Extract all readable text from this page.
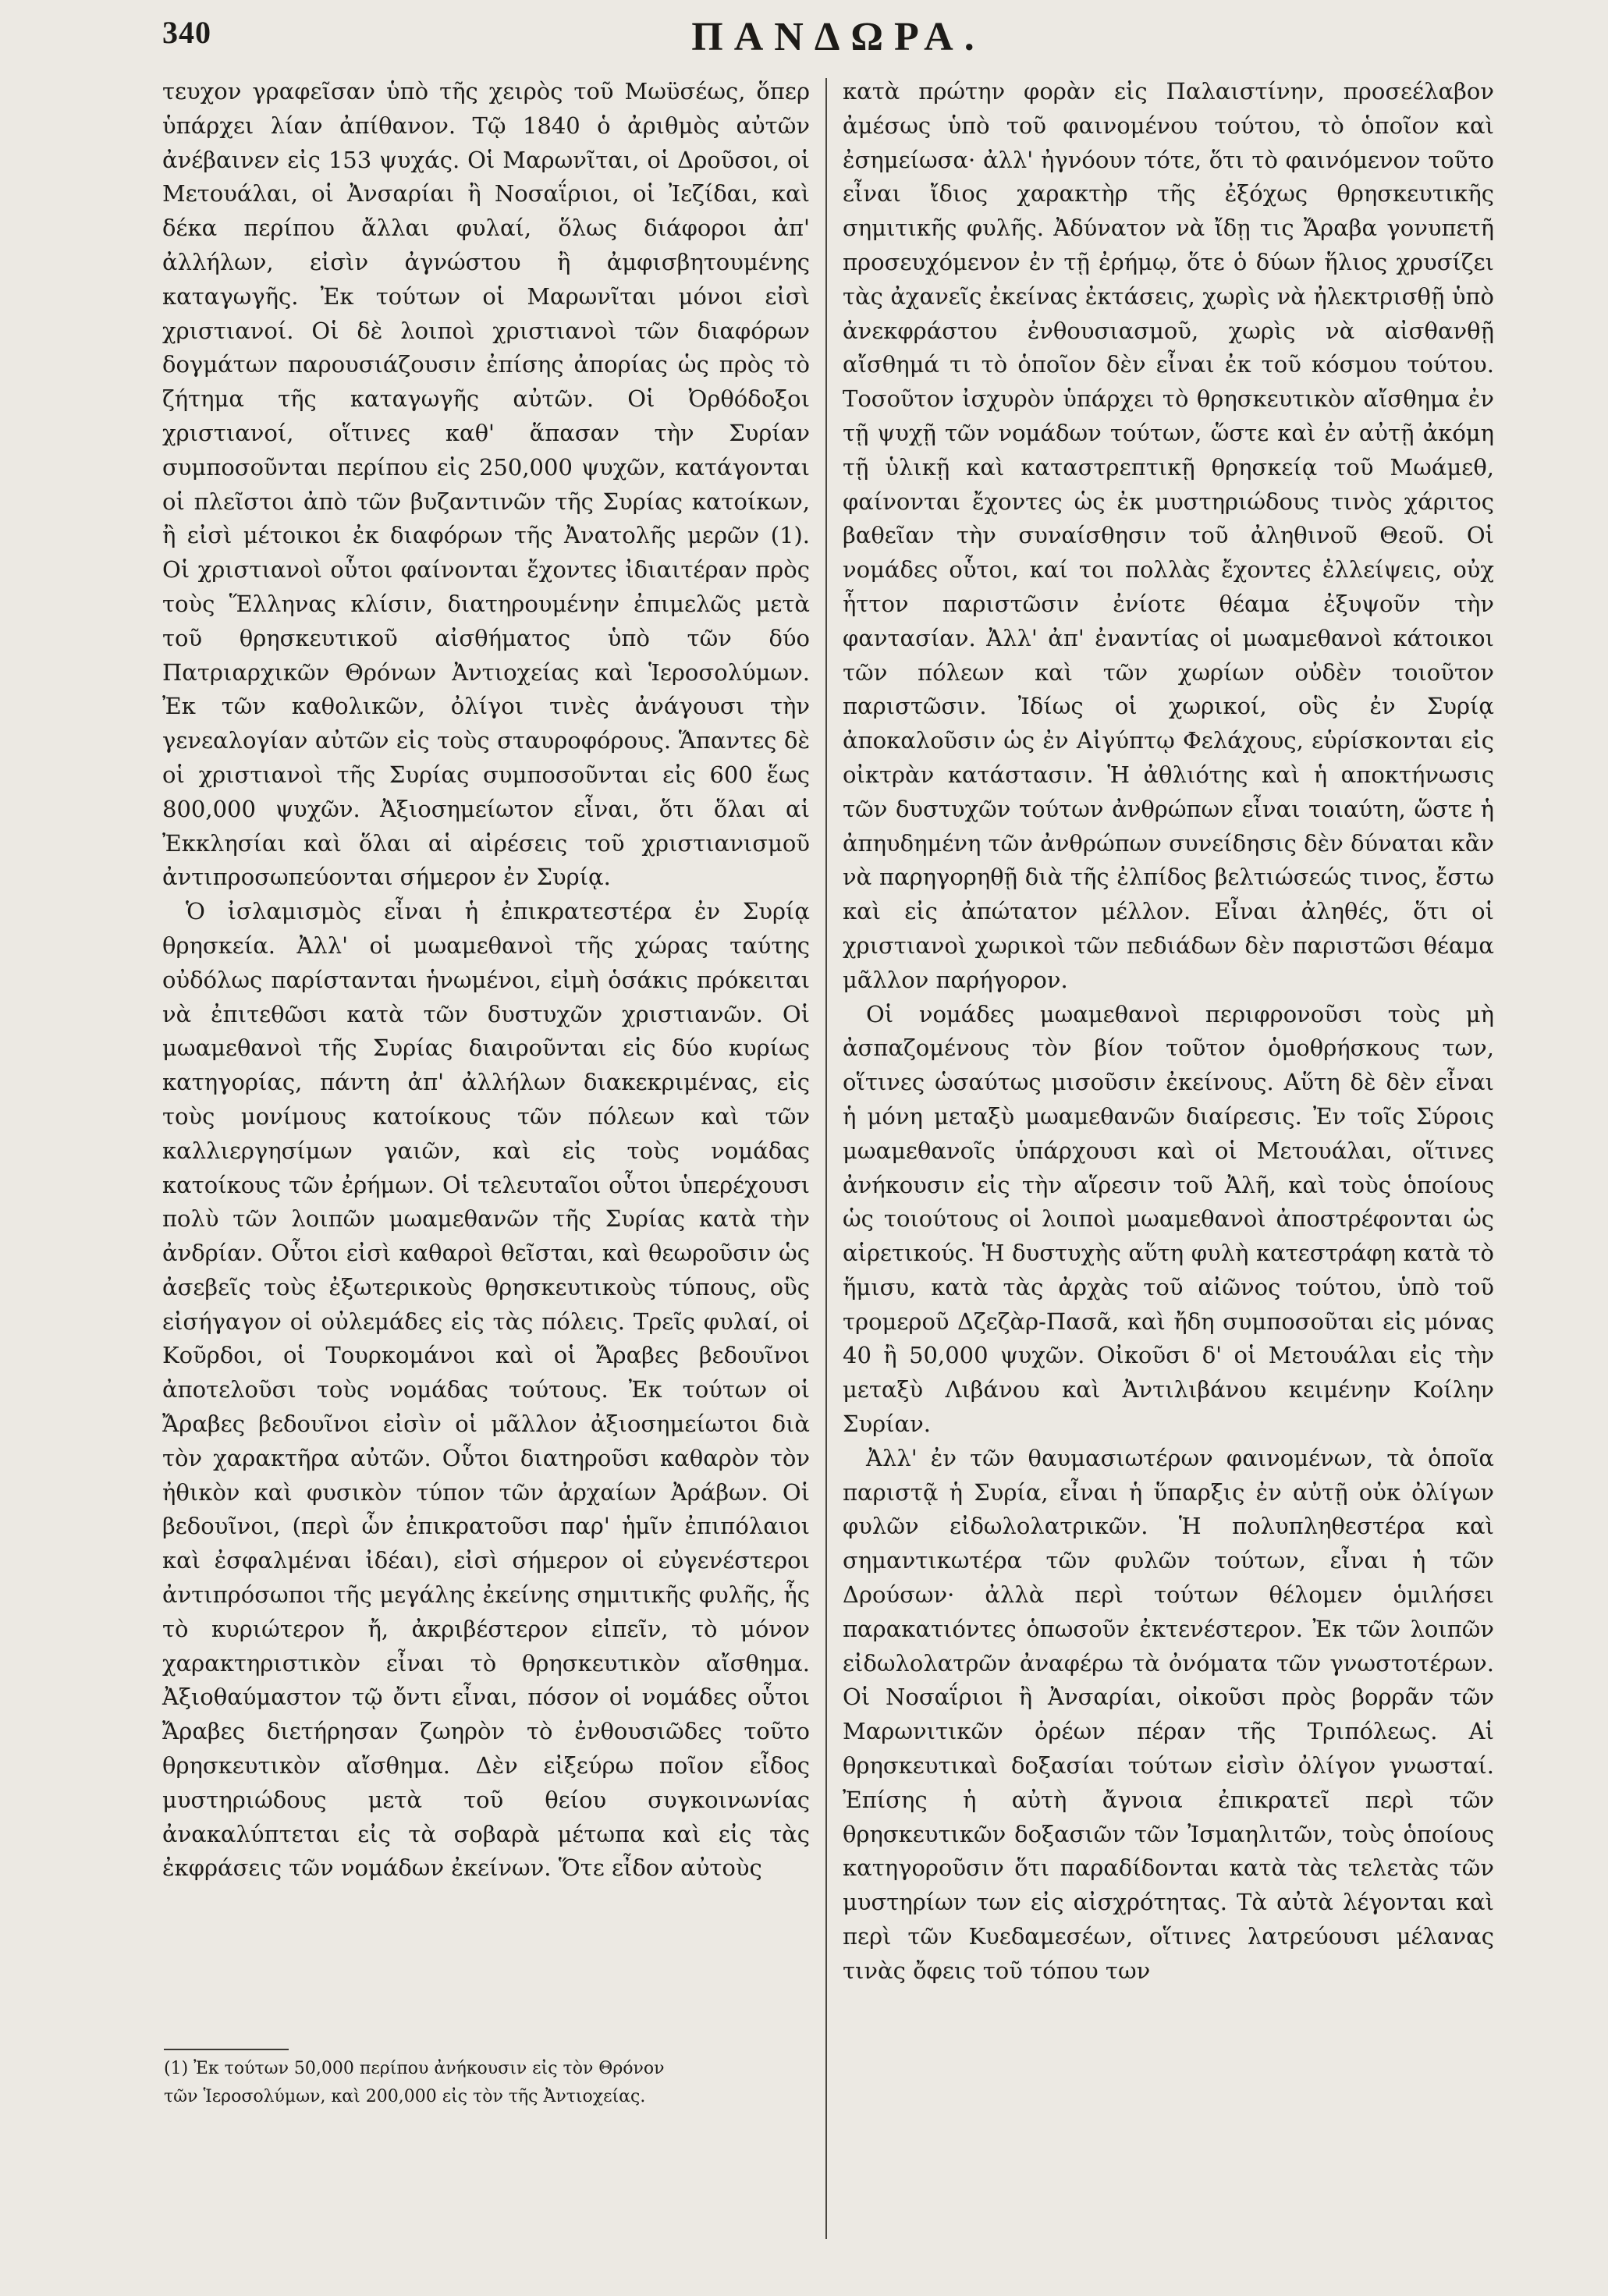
340	ΠΑΝΔΩΡΑ.

τευχον γραφεῖσαν ὑπὸ τῆς χειρὸς τοῦ Μωϋσέως, ὅπερ ὑπάρχει λίαν ἀπίθανον. Τῷ 1840 ὁ ἀριθμὸς αὐτῶν ἀνέβαινεν εἰς 153 ψυχάς. Οἱ Μαρωνῖται, οἱ Δροῦσοι, οἱ Μετουάλαι, οἱ Ἀνσαρίαι ἢ Νοσαΐριοι, οἱ Ἰεζίδαι, καὶ δέκα περίπου ἄλλαι φυλαί, ὅλως διάφοροι ἀπ' ἀλλήλων, εἰσὶν ἀγνώστου ἢ ἀμφισβητουμένης καταγωγῆς. Ἐκ τούτων οἱ Μαρωνῖται μόνοι εἰσὶ χριστιανοί. Οἱ δὲ λοιποὶ χριστιανοὶ τῶν διαφόρων δογμάτων παρουσιάζουσιν ἐπίσης ἀπορίας ὡς πρὸς τὸ ζήτημα τῆς καταγωγῆς αὐτῶν. Οἱ Ὀρθόδοξοι χριστιανοί, οἵτινες καθ' ἅπασαν τὴν Συρίαν συμποσοῦνται περίπου εἰς 250,000 ψυχῶν, κατάγονται οἱ πλεῖστοι ἀπὸ τῶν βυζαντινῶν τῆς Συρίας κατοίκων, ἢ εἰσὶ μέτοικοι ἐκ διαφόρων τῆς Ἀνατολῆς μερῶν (1). Οἱ χριστιανοὶ οὗτοι φαίνονται ἔχοντες ἰδιαιτέραν πρὸς τοὺς Ἕλληνας κλίσιν, διατηρουμένην ἐπιμελῶς μετὰ τοῦ θρησκευτικοῦ αἰσθήματος ὑπὸ τῶν δύο Πατριαρχικῶν Θρόνων Ἀντιοχείας καὶ Ἱεροσολύμων. Ἐκ τῶν καθολικῶν, ὀλίγοι τινὲς ἀνάγουσι τὴν γενεαλογίαν αὐτῶν εἰς τοὺς σταυροφόρους. Ἅπαντες δὲ οἱ χριστιανοὶ τῆς Συρίας συμποσοῦνται εἰς 600 ἕως 800,000 ψυχῶν. Ἀξιοσημείωτον εἶναι, ὅτι ὅλαι αἱ Ἐκκλησίαι καὶ ὅλαι αἱ αἱρέσεις τοῦ χριστιανισμοῦ ἀντιπροσωπεύονται σήμερον ἐν Συρίᾳ.

Ὁ ἰσλαμισμὸς εἶναι ἡ ἐπικρατεστέρα ἐν Συρίᾳ θρησκεία. Ἀλλ' οἱ μωαμεθανοὶ τῆς χώρας ταύτης οὐδόλως παρίστανται ἡνωμένοι, εἰμὴ ὁσάκις πρόκειται νὰ ἐπιτεθῶσι κατὰ τῶν δυστυχῶν χριστιανῶν. Οἱ μωαμεθανοὶ τῆς Συρίας διαιροῦνται εἰς δύο κυρίως κατηγορίας, πάντη ἀπ' ἀλλήλων διακεκριμένας, εἰς τοὺς μονίμους κατοίκους τῶν πόλεων καὶ τῶν καλλιεργησίμων γαιῶν, καὶ εἰς τοὺς νομάδας κατοίκους τῶν ἐρήμων. Οἱ τελευταῖοι οὗτοι ὑπερέχουσι πολὺ τῶν λοιπῶν μωαμεθανῶν τῆς Συρίας κατὰ τὴν ἀνδρίαν. Οὗτοι εἰσὶ καθαροὶ θεῖσται, καὶ θεωροῦσιν ὡς ἀσεβεῖς τοὺς ἐξωτερικοὺς θρησκευτικοὺς τύπους, οὓς εἰσήγαγον οἱ οὐλεμάδες εἰς τὰς πόλεις. Τρεῖς φυλαί, οἱ Κοῦρδοι, οἱ Τουρκομάνοι καὶ οἱ Ἄραβες βεδουῖνοι ἀποτελοῦσι τοὺς νομάδας τούτους. Ἐκ τούτων οἱ Ἄραβες βεδουῖνοι εἰσὶν οἱ μᾶλλον ἀξιοσημείωτοι διὰ τὸν χαρακτῆρα αὐτῶν. Οὗτοι διατηροῦσι καθαρὸν τὸν ἠθικὸν καὶ φυσικὸν τύπον τῶν ἀρχαίων Ἀράβων. Οἱ βεδουῖνοι, (περὶ ὧν ἐπικρατοῦσι παρ' ἡμῖν ἐπιπόλαιοι καὶ ἐσφαλμέναι ἰδέαι), εἰσὶ σήμερον οἱ εὐγενέστεροι ἀντιπρόσωποι τῆς μεγάλης ἐκείνης σημιτικῆς φυλῆς, ἧς τὸ κυριώτερον ἤ, ἀκριβέστερον εἰπεῖν, τὸ μόνον χαρακτηριστικὸν εἶναι τὸ θρησκευτικὸν αἴσθημα. Ἀξιοθαύμαστον τῷ ὄντι εἶναι, πόσον οἱ νομάδες οὗτοι Ἄραβες διετήρησαν ζωηρὸν τὸ ἐνθουσιῶδες τοῦτο θρησκευτικὸν αἴσθημα. Δὲν εἰξεύρω ποῖον εἶδος μυστηριώδους μετὰ τοῦ θείου συγκοινωνίας ἀνακαλύπτεται εἰς τὰ σοβαρὰ μέτωπα καὶ εἰς τὰς ἐκφράσεις τῶν νομάδων ἐκείνων. Ὅτε εἶδον αὐτοὺς

κατὰ πρώτην φορὰν εἰς Παλαιστίνην, προσεέλαβον ἀμέσως ὑπὸ τοῦ φαινομένου τούτου, τὸ ὁποῖον καὶ ἐσημείωσα· ἀλλ' ἠγνόουν τότε, ὅτι τὸ φαινόμενον τοῦτο εἶναι ἴδιος χαρακτὴρ τῆς ἐξόχως θρησκευτικῆς σημιτικῆς φυλῆς. Ἀδύνατον νὰ ἴδῃ τις Ἄραβα γονυπετῆ προσευχόμενον ἐν τῇ ἐρήμῳ, ὅτε ὁ δύων ἥλιος χρυσίζει τὰς ἀχανεῖς ἐκείνας ἐκτάσεις, χωρὶς νὰ ἠλεκτρισθῇ ὑπὸ ἀνεκφράστου ἐνθουσιασμοῦ, χωρὶς νὰ αἰσθανθῇ αἴσθημά τι τὸ ὁποῖον δὲν εἶναι ἐκ τοῦ κόσμου τούτου. Τοσοῦτον ἰσχυρὸν ὑπάρχει τὸ θρησκευτικὸν αἴσθημα ἐν τῇ ψυχῇ τῶν νομάδων τούτων, ὥστε καὶ ἐν αὐτῇ ἀκόμη τῇ ὑλικῇ καὶ καταστρεπτικῇ θρησκείᾳ τοῦ Μωάμεθ, φαίνονται ἔχοντες ὡς ἐκ μυστηριώδους τινὸς χάριτος βαθεῖαν τὴν συναίσθησιν τοῦ ἀληθινοῦ Θεοῦ. Οἱ νομάδες οὗτοι, καί τοι πολλὰς ἔχοντες ἐλλείψεις, οὐχ ἧττον παριστῶσιν ἐνίοτε θέαμα ἐξυψοῦν τὴν φαντασίαν. Ἀλλ' ἀπ' ἐναντίας οἱ μωαμεθανοὶ κάτοικοι τῶν πόλεων καὶ τῶν χωρίων οὐδὲν τοιοῦτον παριστῶσιν. Ἰδίως οἱ χωρικοί, οὓς ἐν Συρίᾳ ἀποκαλοῦσιν ὡς ἐν Αἰγύπτῳ Φελάχους, εὑρίσκονται εἰς οἰκτρὰν κατάστασιν. Ἡ ἀθλιότης καὶ ἡ αποκτήνωσις τῶν δυστυχῶν τούτων ἀνθρώπων εἶναι τοιαύτη, ὥστε ἡ ἀπηυδημένη τῶν ἀνθρώπων συνείδησις δὲν δύναται κἂν νὰ παρηγορηθῇ διὰ τῆς ἐλπίδος βελτιώσεώς τινος, ἔστω καὶ εἰς ἀπώτατον μέλλον. Εἶναι ἀληθές, ὅτι οἱ χριστιανοὶ χωρικοὶ τῶν πεδιάδων δὲν παριστῶσι θέαμα μᾶλλον παρήγορον.

Οἱ νομάδες μωαμεθανοὶ περιφρονοῦσι τοὺς μὴ ἀσπαζομένους τὸν βίον τοῦτον ὁμοθρήσκους των, οἵτινες ὡσαύτως μισοῦσιν ἐκείνους. Αὕτη δὲ δὲν εἶναι ἡ μόνη μεταξὺ μωαμεθανῶν διαίρεσις. Ἐν τοῖς Σύροις μωαμεθανοῖς ὑπάρχουσι καὶ οἱ Μετουάλαι, οἵτινες ἀνήκουσιν εἰς τὴν αἵρεσιν τοῦ Ἀλῆ, καὶ τοὺς ὁποίους ὡς τοιούτους οἱ λοιποὶ μωαμεθανοὶ ἀποστρέφονται ὡς αἱρετικούς. Ἡ δυστυχὴς αὕτη φυλὴ κατεστράφη κατὰ τὸ ἥμισυ, κατὰ τὰς ἀρχὰς τοῦ αἰῶνος τούτου, ὑπὸ τοῦ τρομεροῦ Δζεζὰρ-Πασᾶ, καὶ ἤδη συμποσοῦται εἰς μόνας 40 ἢ 50,000 ψυχῶν. Οἰκοῦσι δ' οἱ Μετουάλαι εἰς τὴν μεταξὺ Λιβάνου καὶ Ἀντιλιβάνου κειμένην Κοίλην Συρίαν.

Ἀλλ' ἐν τῶν θαυμασιωτέρων φαινομένων, τὰ ὁποῖα παριστᾷ ἡ Συρία, εἶναι ἡ ὕπαρξις ἐν αὐτῇ οὐκ ὀλίγων φυλῶν εἰδωλολατρικῶν. Ἡ πολυπληθεστέρα καὶ σημαντικωτέρα τῶν φυλῶν τούτων, εἶναι ἡ τῶν Δρούσων· ἀλλὰ περὶ τούτων θέλομεν ὁμιλήσει παρακατιόντες ὁπωσοῦν ἐκτενέστερον. Ἐκ τῶν λοιπῶν εἰδωλολατρῶν ἀναφέρω τὰ ὀνόματα τῶν γνωστοτέρων. Οἱ Νοσαΐριοι ἢ Ἀνσαρίαι, οἰκοῦσι πρὸς βορρᾶν τῶν Μαρωνιτικῶν ὀρέων πέραν τῆς Τριπόλεως. Αἱ θρησκευτικαὶ δοξασίαι τούτων εἰσὶν ὀλίγον γνωσταί. Ἐπίσης ἡ αὐτὴ ἄγνοια ἐπικρατεῖ περὶ τῶν θρησκευτικῶν δοξασιῶν τῶν Ἰσμαηλιτῶν, τοὺς ὁποίους κατηγοροῦσιν ὅτι παραδίδονται κατὰ τὰς τελετὰς τῶν μυστηρίων των εἰς αἰσχρότητας. Τὰ αὐτὰ λέγονται καὶ περὶ τῶν Κυεδαμεσέων, οἵτινες λατρεύουσι μέλανας τινὰς ὄφεις τοῦ τόπου των

(1) Ἐκ τούτων 50,000 περίπου ἀνήκουσιν εἰς τὸν Θρόνον
τῶν Ἱεροσολύμων, καὶ 200,000 εἰς τὸν τῆς Ἀντιοχείας.
